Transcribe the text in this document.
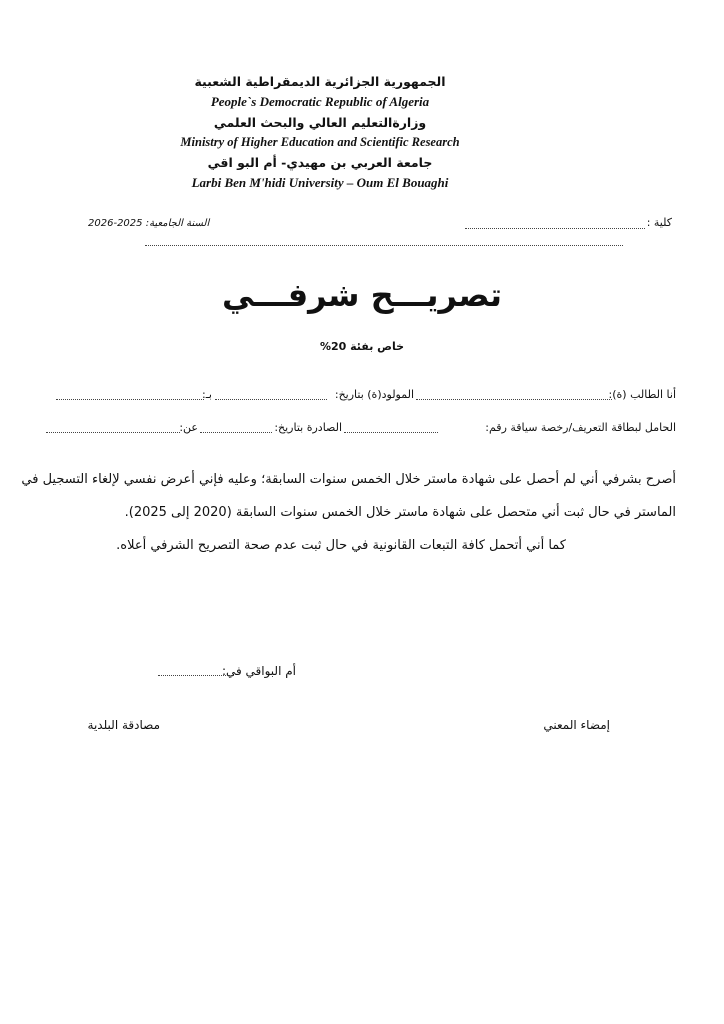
الجمهورية الجزائرية الديمقراطية الشعبية
People`s Democratic Republic of Algeria
وزارةالتعليم العالي والبحث العلمي
Ministry of Higher Education and Scientific Research
جامعة العربي بن مهيدي- أم البو اقي
Larbi Ben M'hidi University – Oum El Bouaghi
كلية :
السنة الجامعية: 2025-2026
تصريـــح شرفـــي
خاص بفئة 20%
أنا الطالب (ة):
المولود(ة) بتاريخ:
بـ:
الحامل لبطاقة التعريف/رخصة سياقة رقم:
الصادرة بتاريخ:
عن:
أصرح بشرفي أني لم أحصل على شهادة ماستر خلال الخمس سنوات السابقة؛ وعليه فإني أعرض نفسي لإلغاء التسجيل في
الماستر في حال ثبت أني متحصل على شهادة ماستر خلال الخمس سنوات السابقة (2020 إلى 2025).
كما أني أتحمل كافة التبعات القانونية في حال ثبت عدم صحة التصريح الشرفي أعلاه.
أم البواقي في:
إمضاء المعني
مصادقة البلدية
